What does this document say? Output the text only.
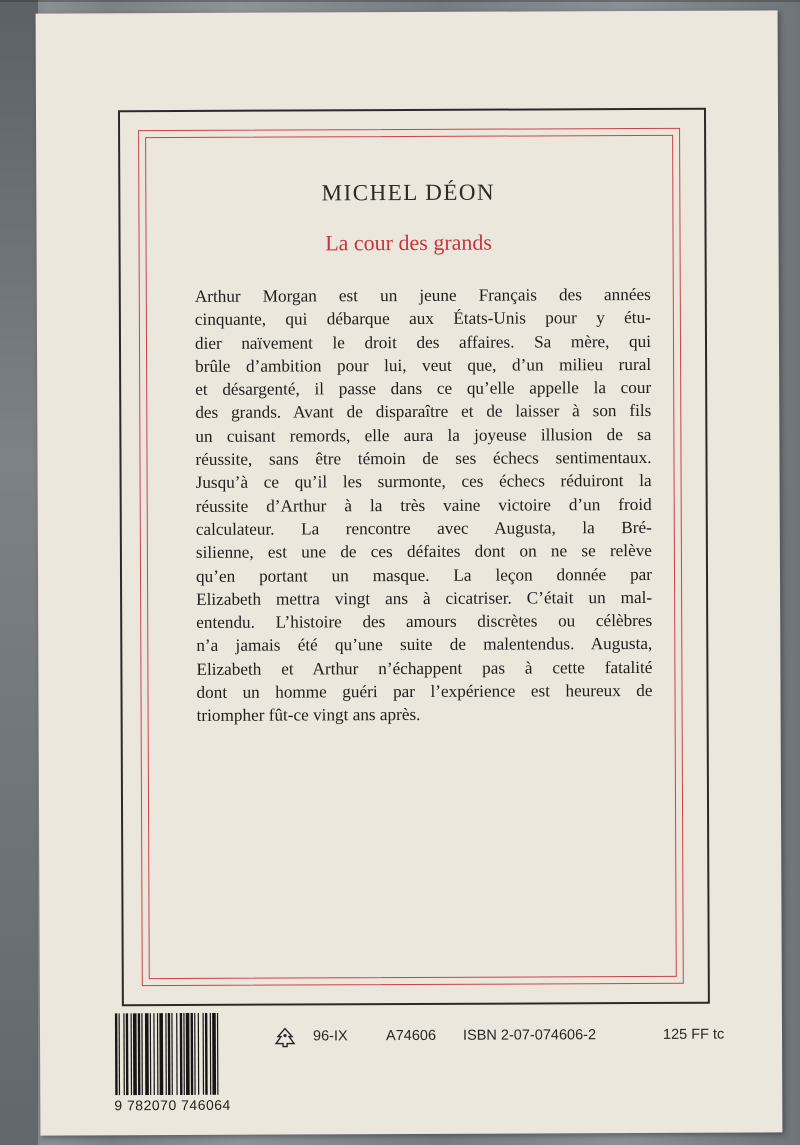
MICHEL DÉON
La cour des grands
Arthur Morgan est un jeune Français des années
cinquante, qui débarque aux États-Unis pour y étu-
dier naïvement le droit des affaires. Sa mère, qui
brûle d’ambition pour lui, veut que, d’un milieu rural
et désargenté, il passe dans ce qu’elle appelle la cour
des grands. Avant de disparaître et de laisser à son fils
un cuisant remords, elle aura la joyeuse illusion de sa
réussite, sans être témoin de ses échecs sentimentaux.
Jusqu’à ce qu’il les surmonte, ces échecs réduiront la
réussite d’Arthur à la très vaine victoire d’un froid
calculateur. La rencontre avec Augusta, la Bré-
silienne, est une de ces défaites dont on ne se relève
qu’en portant un masque. La leçon donnée par
Elizabeth mettra vingt ans à cicatriser. C’était un mal-
entendu. L’histoire des amours discrètes ou célèbres
n’a jamais été qu’une suite de malentendus. Augusta,
Elizabeth et Arthur n’échappent pas à cette fatalité
dont un homme guéri par l’expérience est heureux de
triompher fût-ce vingt ans après.
9 782070 746064
96-IX	A74606 ISBN 2-07-074606-2	125 FF tc
